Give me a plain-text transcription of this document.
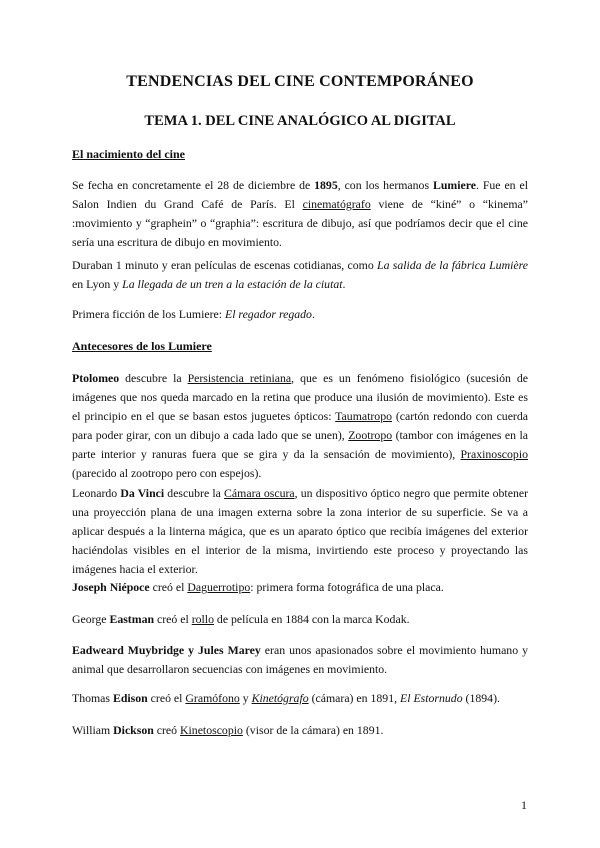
TENDENCIAS DEL CINE CONTEMPORÁNEO
TEMA 1. DEL CINE ANALÓGICO AL DIGITAL
El nacimiento del cine
Se fecha en concretamente el 28 de diciembre de 1895, con los hermanos Lumiere. Fue en el Salon Indien du Grand Café de París. El cinematógrafo viene de “kiné” o “kinema” :movimiento y “graphein” o “graphia”: escritura de dibujo, así que podríamos decir que el cine sería una escritura de dibujo en movimiento.
Duraban 1 minuto y eran películas de escenas cotidianas, como La salida de la fábrica Lumière en Lyon y La llegada de un tren a la estación de la ciutat.
Primera ficción de los Lumiere: El regador regado.
Antecesores de los Lumiere
Ptolomeo descubre la Persistencia retiniana, que es un fenómeno fisiológico (sucesión de imágenes que nos queda marcado en la retina que produce una ilusión de movimiento). Este es el principio en el que se basan estos juguetes ópticos: Taumatropo (cartón redondo con cuerda para poder girar, con un dibujo a cada lado que se unen), Zootropo (tambor con imágenes en la parte interior y ranuras fuera que se gira y da la sensación de movimiento), Praxinoscopio (parecido al zootropo pero con espejos).
Leonardo Da Vinci descubre la Cámara oscura, un dispositivo óptico negro que permite obtener una proyección plana de una imagen externa sobre la zona interior de su superficie. Se va a aplicar después a la linterna mágica, que es un aparato óptico que recibía imágenes del exterior haciéndolas visibles en el interior de la misma, invirtiendo este proceso y proyectando las imágenes hacia el exterior.
Joseph Niépoce creó el Daguerrotipo: primera forma fotográfica de una placa.
George Eastman creó el rollo de película en 1884 con la marca Kodak.
Eadweard Muybridge y Jules Marey eran unos apasionados sobre el movimiento humano y animal que desarrollaron secuencias con imágenes en movimiento.
Thomas Edison creó el Gramófono y Kinetógrafo (cámara) en 1891, El Estornudo (1894).
William Dickson creó Kinetoscopio (visor de la cámara) en 1891.
1
